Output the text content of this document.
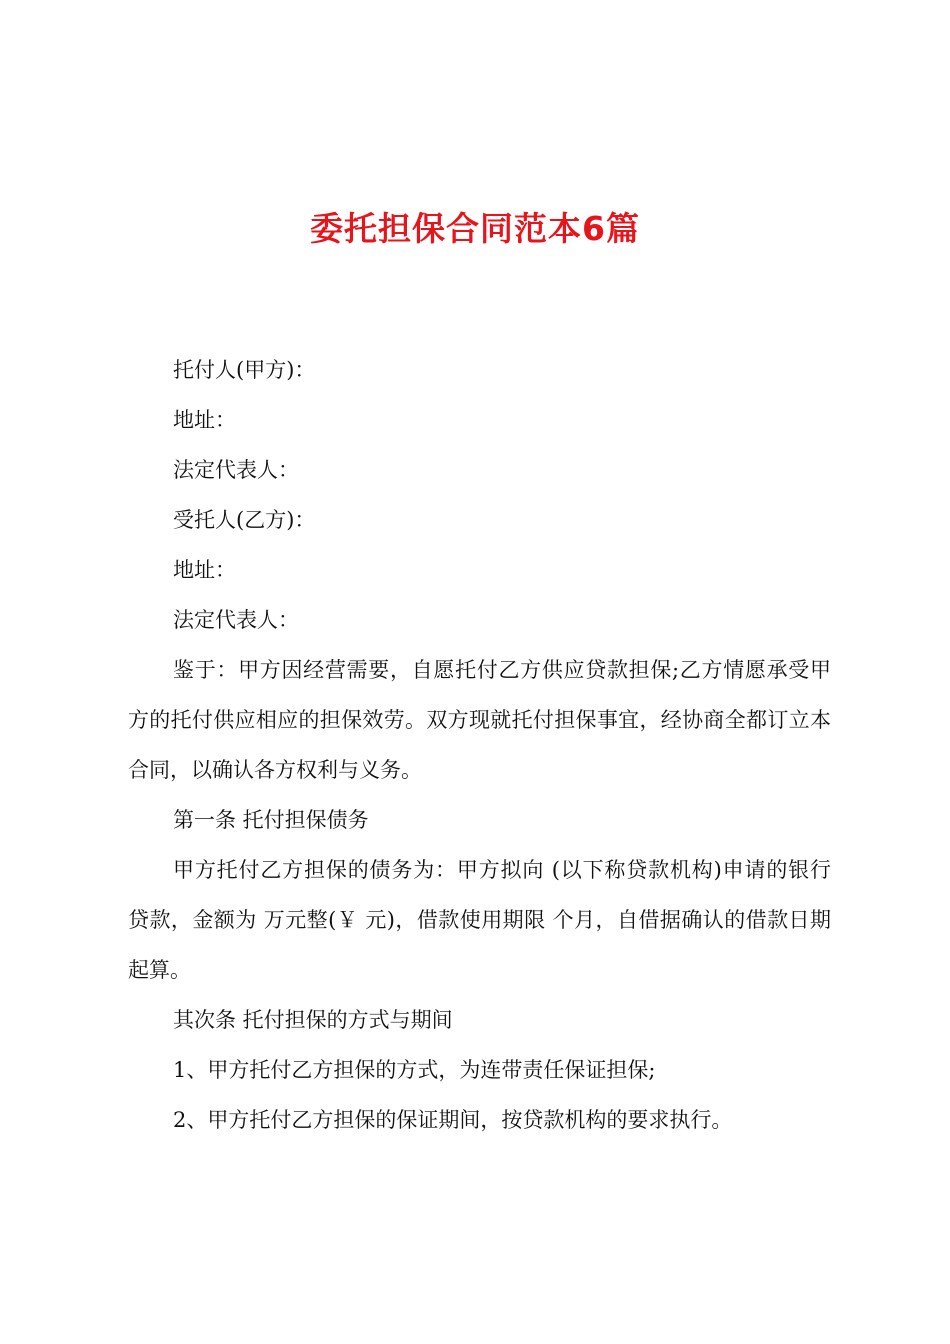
委托担保合同范本6篇

托付人(甲方)：

地址：

法定代表人：

受托人(乙方)：

地址：

法定代表人：

鉴于：甲方因经营需要，自愿托付乙方供应贷款担保;乙方情愿承受甲方的托付供应相应的担保效劳。双方现就托付担保事宜，经协商全都订立本合同，以确认各方权利与义务。

第一条 托付担保债务

甲方托付乙方担保的债务为：甲方拟向 (以下称贷款机构)申请的银行 贷款，金额为 万元整(￥ 元)，借款使用期限 个月，自借据确认的借款日期起算。

其次条 托付担保的方式与期间

1、甲方托付乙方担保的方式，为连带责任保证担保;

2、甲方托付乙方担保的保证期间，按贷款机构的要求执行。
